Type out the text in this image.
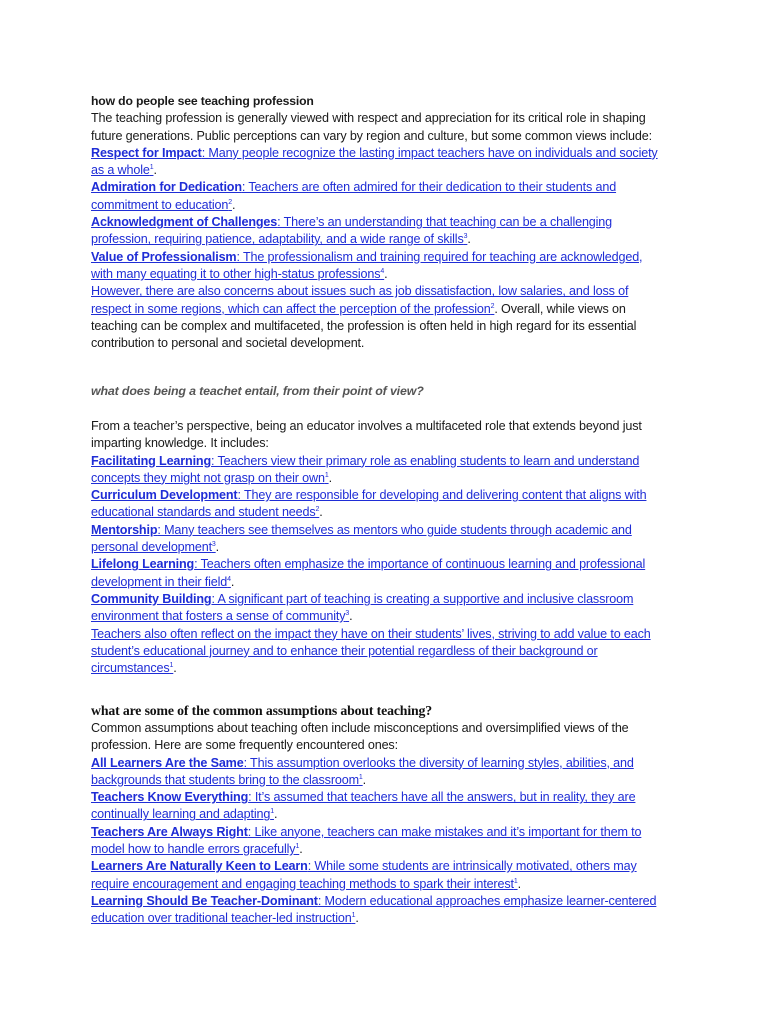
how do people see teaching profession
The teaching profession is generally viewed with respect and appreciation for its critical role in shaping
future generations. Public perceptions can vary by region and culture, but some common views include:
Respect for Impact: Many people recognize the lasting impact teachers have on individuals and society
as a whole$^1$.
Admiration for Dedication: Teachers are often admired for their dedication to their students and
commitment to education$^2$.
Acknowledgment of Challenges: There’s an understanding that teaching can be a challenging
profession, requiring patience, adaptability, and a wide range of skills$^3$.
Value of Professionalism: The professionalism and training required for teaching are acknowledged,
with many equating it to other high-status professions$^4$.
However, there are also concerns about issues such as job dissatisfaction, low salaries, and loss of
respect in some regions, which can affect the perception of the profession$^2$. Overall, while views on
teaching can be complex and multifaceted, the profession is often held in high regard for its essential
contribution to personal and societal development.
what does being a teachet entail, from their point of view?
From a teacher’s perspective, being an educator involves a multifaceted role that extends beyond just
imparting knowledge. It includes:
Facilitating Learning: Teachers view their primary role as enabling students to learn and understand
concepts they might not grasp on their own$^1$.
Curriculum Development: They are responsible for developing and delivering content that aligns with
educational standards and student needs$^2$.
Mentorship: Many teachers see themselves as mentors who guide students through academic and
personal development$^3$.
Lifelong Learning: Teachers often emphasize the importance of continuous learning and professional
development in their field$^4$.
Community Building: A significant part of teaching is creating a supportive and inclusive classroom
environment that fosters a sense of community$^3$.
Teachers also often reflect on the impact they have on their students’ lives, striving to add value to each
student’s educational journey and to enhance their potential regardless of their background or
circumstances$^1$.
what are some of the common assumptions about teaching?
Common assumptions about teaching often include misconceptions and oversimplified views of the
profession. Here are some frequently encountered ones:
All Learners Are the Same: This assumption overlooks the diversity of learning styles, abilities, and
backgrounds that students bring to the classroom$^1$.
Teachers Know Everything: It’s assumed that teachers have all the answers, but in reality, they are
continually learning and adapting$^1$.
Teachers Are Always Right: Like anyone, teachers can make mistakes and it’s important for them to
model how to handle errors gracefully$^1$.
Learners Are Naturally Keen to Learn: While some students are intrinsically motivated, others may
require encouragement and engaging teaching methods to spark their interest$^1$.
Learning Should Be Teacher-Dominant: Modern educational approaches emphasize learner-centered
education over traditional teacher-led instruction$^1$.
